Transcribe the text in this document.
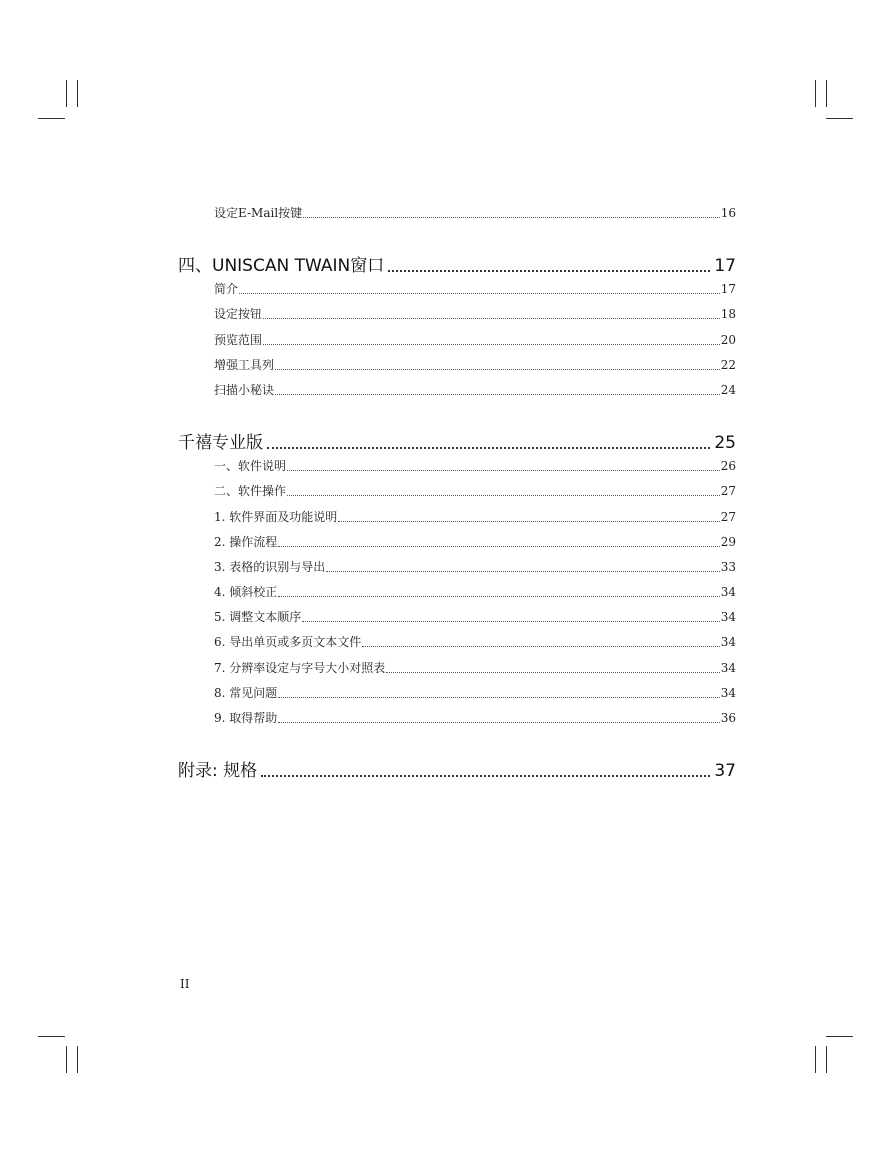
设定E-Mail按键	16
四、UNISCAN TWAIN窗口	17
简介	17
设定按钮	18
预览范围	20
增强工具列	22
扫描小秘诀	24
千禧专业版	25
一、软件说明	26
二、软件操作	27
1. 软件界面及功能说明	27
2. 操作流程	29
3. 表格的识别与导出	33
4. 倾斜校正	34
5. 调整文本顺序	34
6. 导出单页或多页文本文件	34
7. 分辨率设定与字号大小对照表	34
8. 常见问题	34
9. 取得帮助	36
附录: 规格	37
II
